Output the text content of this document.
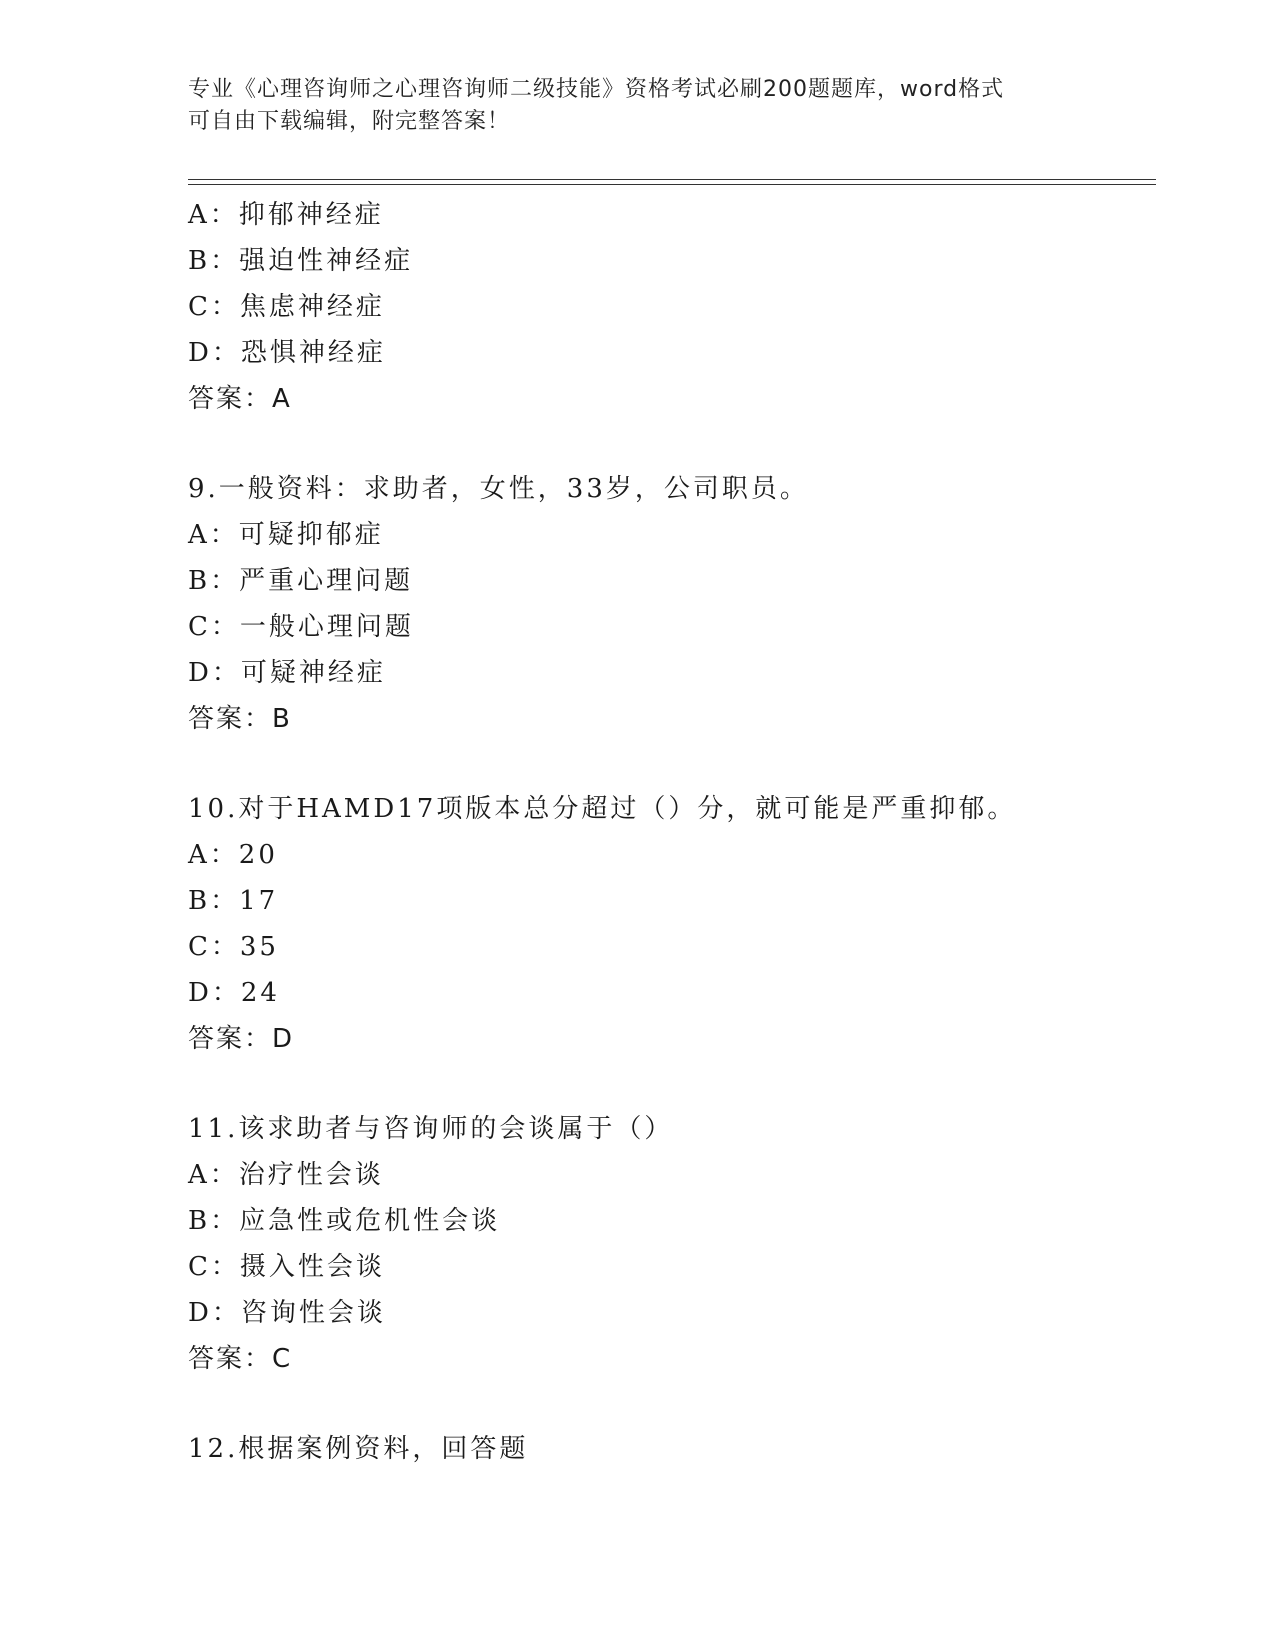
专业《心理咨询师之心理咨询师二级技能》资格考试必刷200题题库，word格式
可自由下载编辑，附完整答案！
A：抑郁神经症
B：强迫性神经症
C：焦虑神经症
D：恐惧神经症
答案：A
9.一般资料：求助者，女性，33岁，公司职员。
A：可疑抑郁症
B：严重心理问题
C：一般心理问题
D：可疑神经症
答案：B
10.对于HAMD17项版本总分超过（）分，就可能是严重抑郁。
A：20
B：17
C：35
D：24
答案：D
11.该求助者与咨询师的会谈属于（）
A：治疗性会谈
B：应急性或危机性会谈
C：摄入性会谈
D：咨询性会谈
答案：C
12.根据案例资料，回答题
